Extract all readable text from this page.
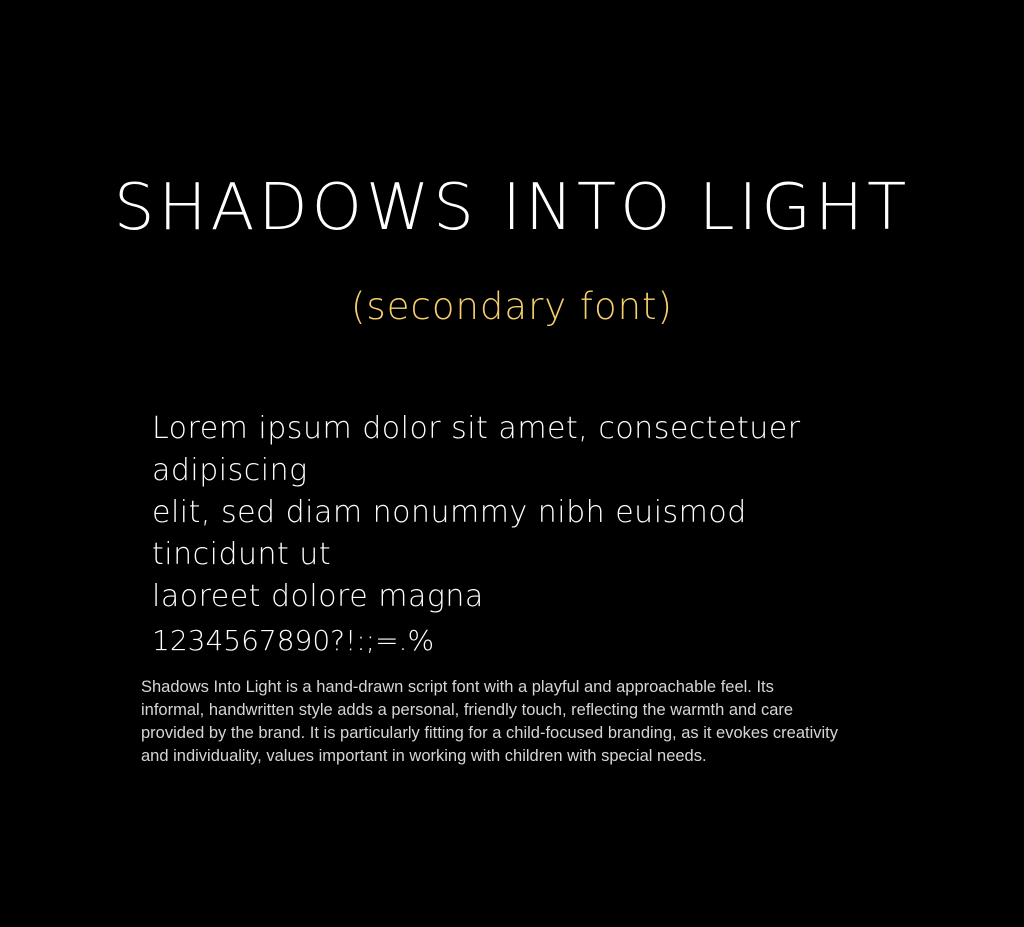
SHADOWS INTO LIGHT
(secondary font)
Lorem ipsum dolor sit amet, consectetuer adipiscing
elit, sed diam nonummy nibh euismod tincidunt ut
laoreet dolore magna
1234567890?!:;=.%
Shadows Into Light is a hand-drawn script font with a playful and approachable feel. Its informal, handwritten style adds a personal, friendly touch, reflecting the warmth and care provided by the brand. It is particularly fitting for a child-focused branding, as it evokes creativity and individuality, values important in working with children with special needs.
